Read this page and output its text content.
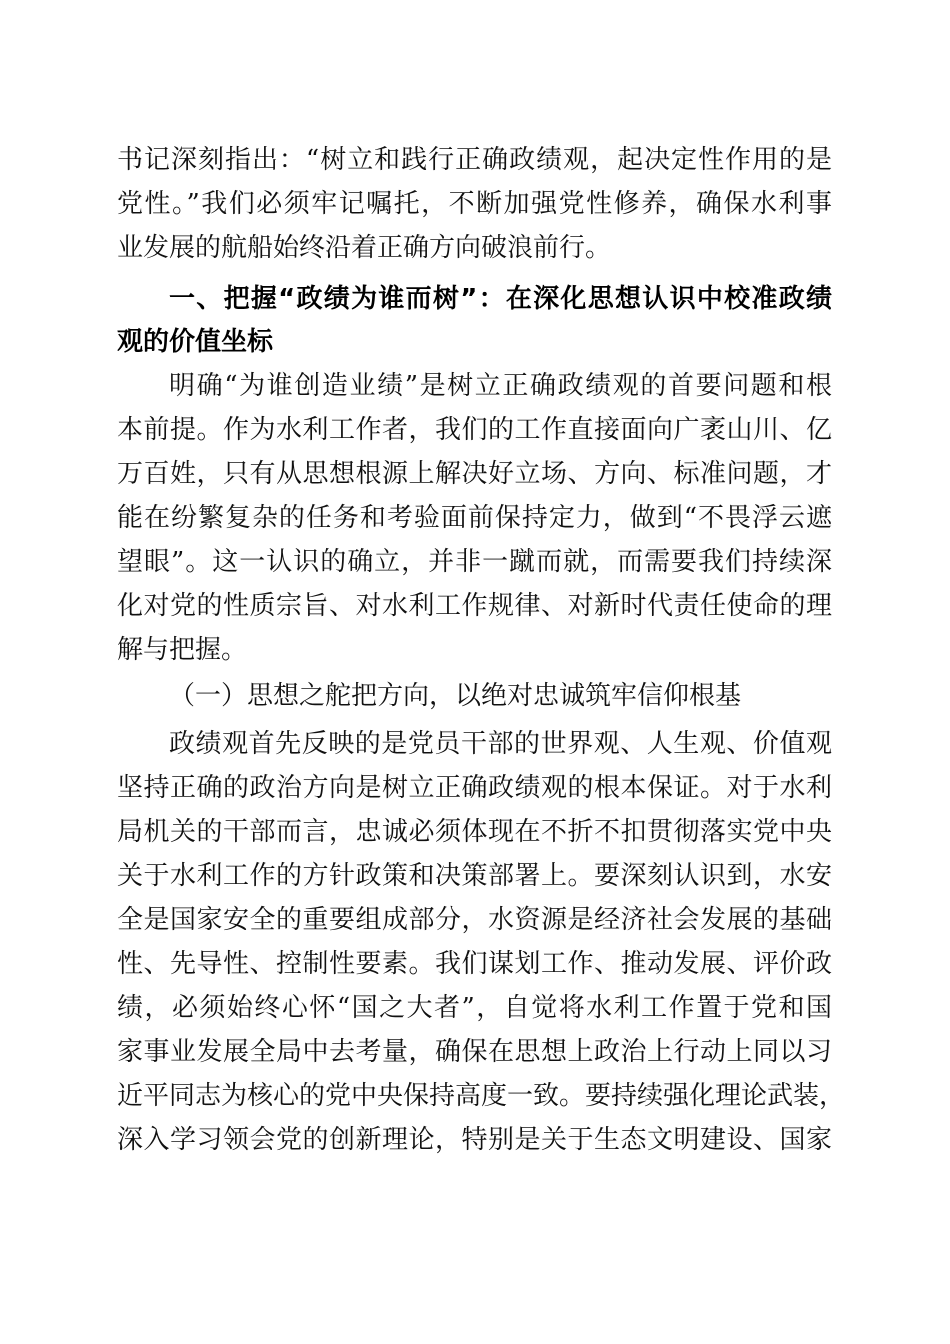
书记深刻指出：“树立和践行正确政绩观，起决定性作用的是
党性。”我们必须牢记嘱托，不断加强党性修养，确保水利事
业发展的航船始终沿着正确方向破浪前行。
一、把握“政绩为谁而树”：在深化思想认识中校准政绩
观的价值坐标
明确“为谁创造业绩”是树立正确政绩观的首要问题和根
本前提。作为水利工作者，我们的工作直接面向广袤山川、亿
万百姓，只有从思想根源上解决好立场、方向、标准问题，才
能在纷繁复杂的任务和考验面前保持定力，做到“不畏浮云遮
望眼”。这一认识的确立，并非一蹴而就，而需要我们持续深
化对党的性质宗旨、对水利工作规律、对新时代责任使命的理
解与把握。
（一）思想之舵把方向，以绝对忠诚筑牢信仰根基
政绩观首先反映的是党员干部的世界观、人生观、价值观
坚持正确的政治方向是树立正确政绩观的根本保证。对于水利
局机关的干部而言，忠诚必须体现在不折不扣贯彻落实党中央
关于水利工作的方针政策和决策部署上。要深刻认识到，水安
全是国家安全的重要组成部分，水资源是经济社会发展的基础
性、先导性、控制性要素。我们谋划工作、推动发展、评价政
绩，必须始终心怀“国之大者”，自觉将水利工作置于党和国
家事业发展全局中去考量，确保在思想上政治上行动上同以习
近平同志为核心的党中央保持高度一致。要持续强化理论武装，
深入学习领会党的创新理论，特别是关于生态文明建设、国家
